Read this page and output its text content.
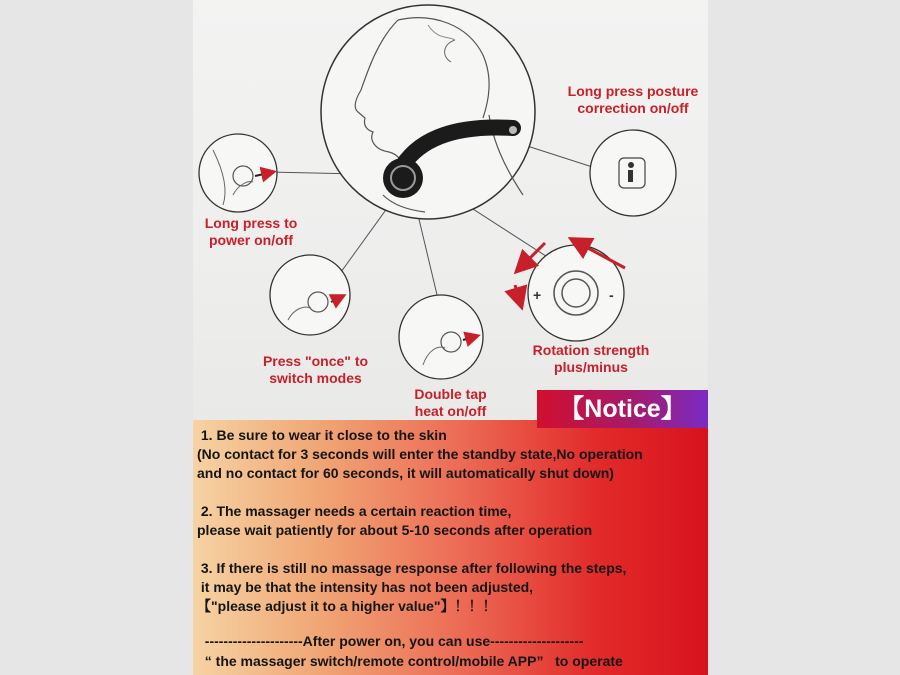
+	-
Long press posture
correction on/off
Long press to
power on/off
Press "once" to
switch modes
Double tap
heat on/off
Rotation strength
plus/minus
1. Be sure to wear it close to the skin
(No contact for 3 seconds will enter the standby state,No operation
and no contact for 60 seconds, it will automatically shut down)
2. The massager needs a certain reaction time,
please wait patiently for about 5-10 seconds after operation
3. If there is still no massage response after following the steps,
it may be that the intensity has not been adjusted,
【"please adjust it to a higher value"】！！！
---------------------After power on, you can use--------------------
“ the massager switch/remote control/mobile APP”   to operate
【Notice】
